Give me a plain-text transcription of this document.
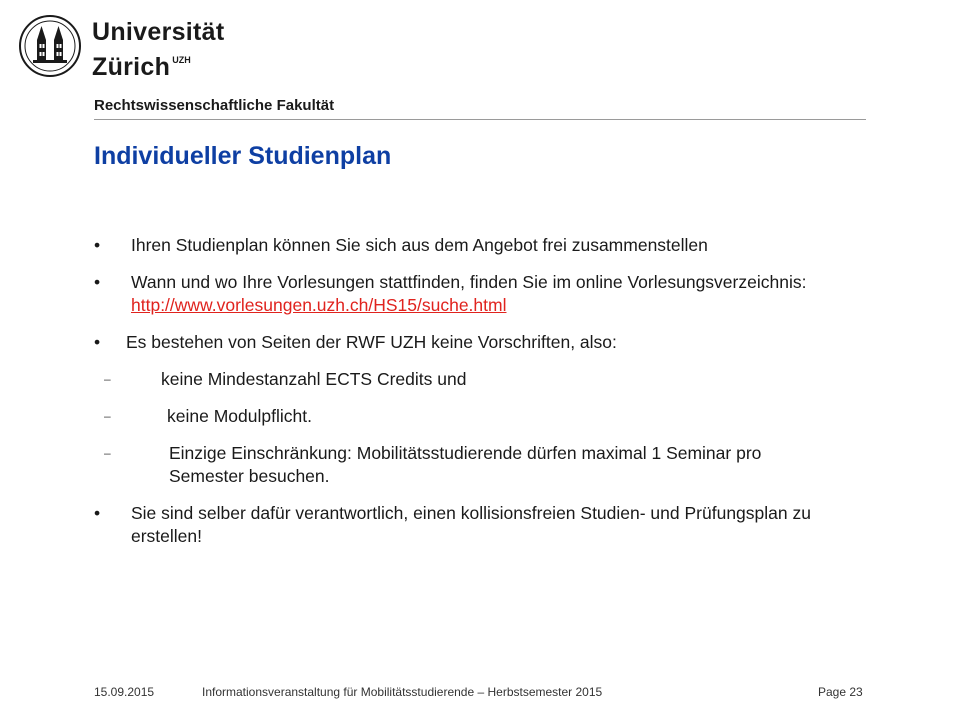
Universität
Zürich $^{UZH}$
Rechtswissenschaftliche Fakultät
Individueller Studienplan
• Ihren Studienplan können Sie sich aus dem Angebot frei zusammenstellen
• Wann und wo Ihre Vorlesungen stattfinden, finden Sie im online Vorlesungsverzeichnis: http://www.vorlesungen.uzh.ch/HS15/suche.html
• Es bestehen von Seiten der RWF UZH keine Vorschriften, also:
–	keine Mindestanzahl ECTS Credits und
–	keine Modulpflicht.
–	Einzige Einschränkung: Mobilitätsstudierende dürfen maximal 1 Seminar pro Semester besuchen.
• Sie sind selber dafür verantwortlich, einen kollisionsfreien Studien- und Prüfungsplan zu erstellen!
15.09.2015	Informationsveranstaltung für Mobilitätsstudierende – Herbstsemester 2015	Page 23
